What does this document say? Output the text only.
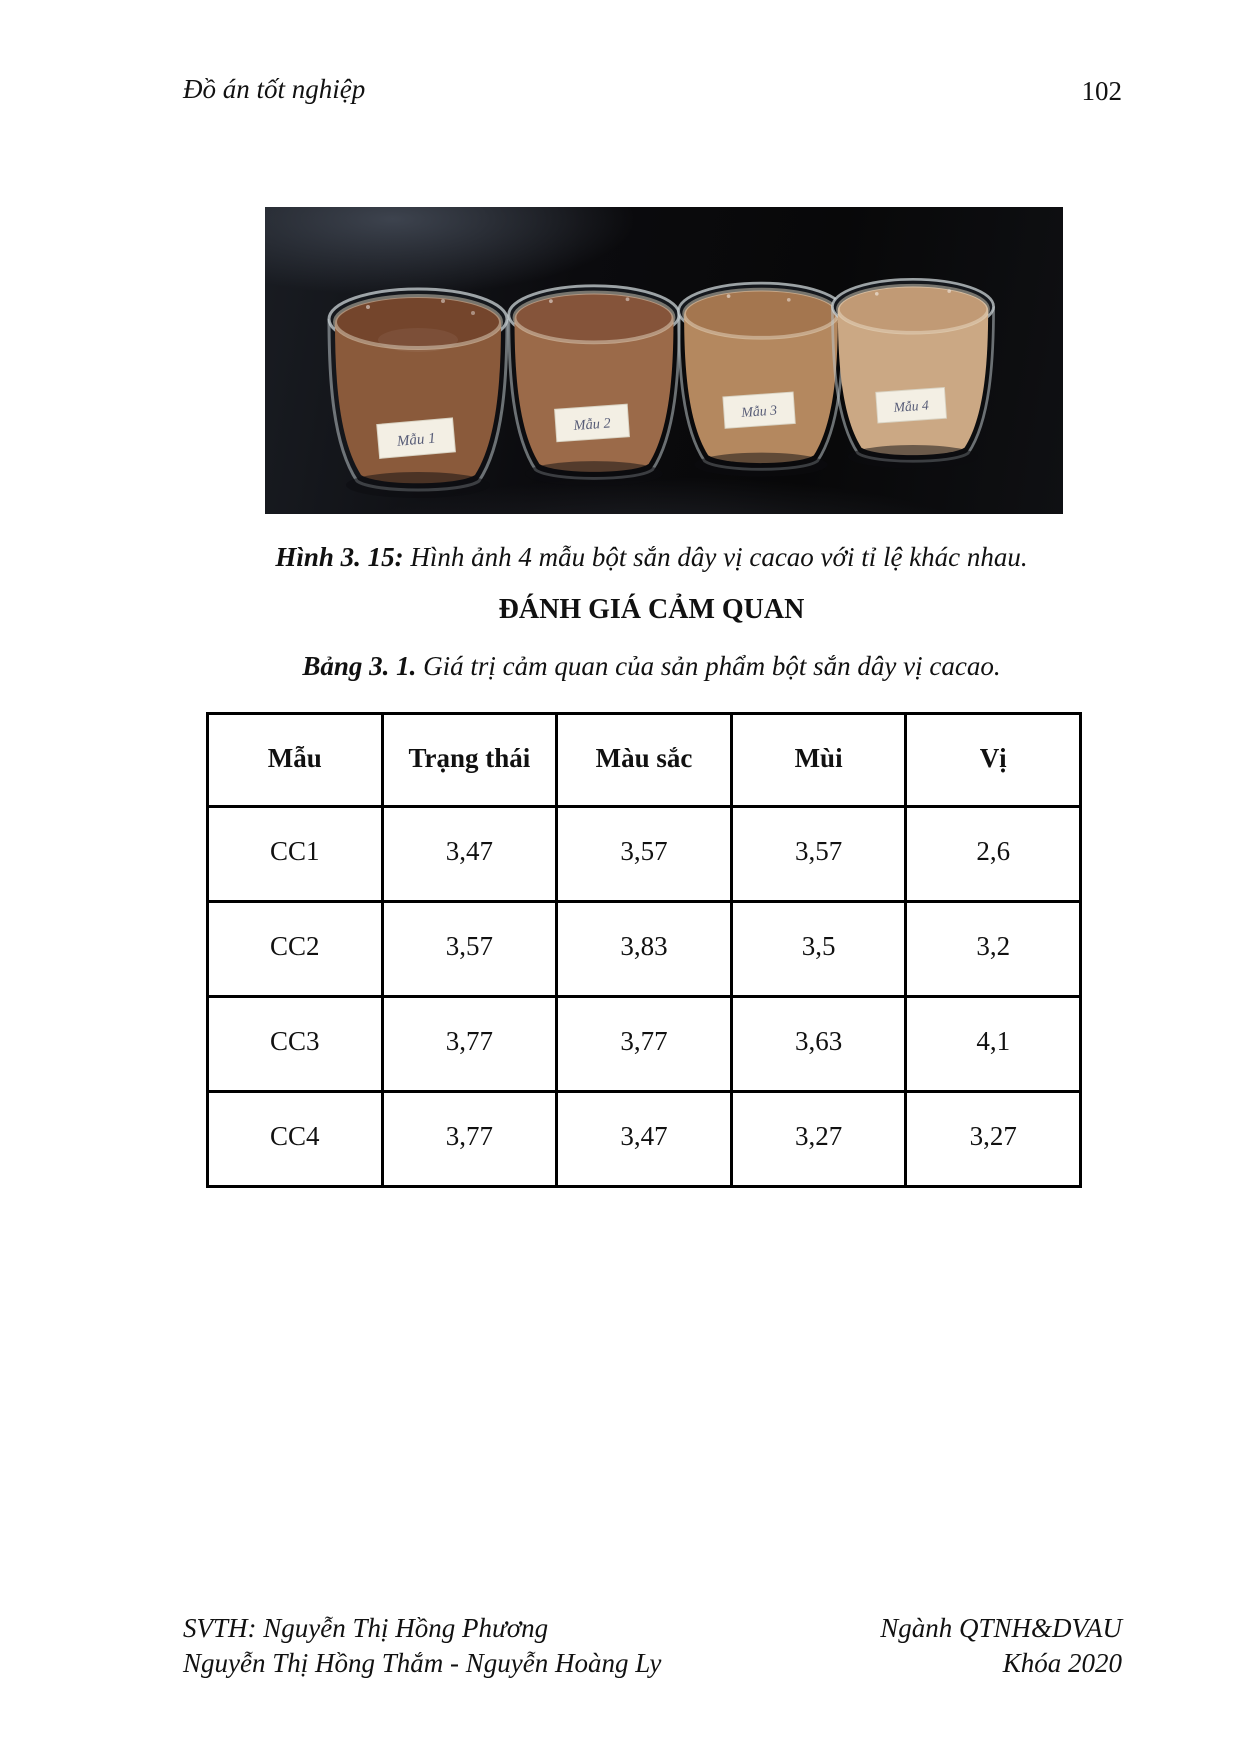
Đồ án tốt nghiệp	102
Mẫu 1
Mẫu 2
Mẫu 3	Mẫu 4
Hình 3. 15: Hình ảnh 4 mẫu bột sắn dây vị cacao với tỉ lệ khác nhau.
ĐÁNH GIÁ CẢM QUAN
Bảng 3. 1. Giá trị cảm quan của sản phẩm bột sắn dây vị cacao.
Mẫu	Trạng thái	Màu sắc	Mùi	Vị
CC1	3,47	3,57	3,57	2,6
CC2	3,57	3,83	3,5	3,2
CC3	3,77	3,77	3,63	4,1
CC4	3,77	3,47	3,27	3,27
SVTH: Nguyễn Thị Hồng Phương
Nguyễn Thị Hồng Thắm - Nguyễn Hoàng Ly
Ngành QTNH&DVAU
Khóa 2020
